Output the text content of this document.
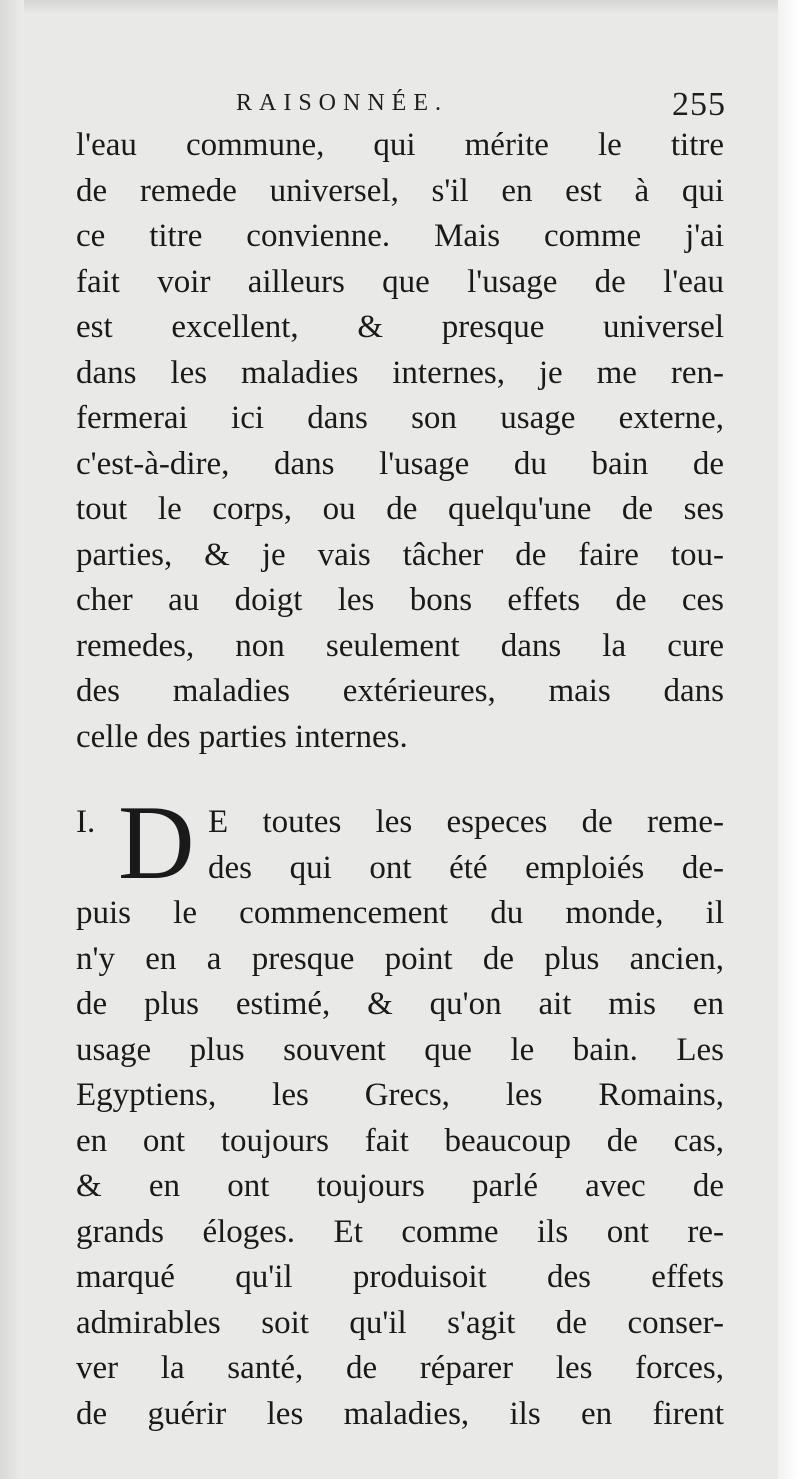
RAISONNÉE.	255
l'eau commune, qui mérite le titre
de remede universel, s'il en est à qui
ce titre convienne. Mais comme j'ai
fait voir ailleurs que l'usage de l'eau
est excellent, & presque universel
dans les maladies internes, je me ren-
fermerai ici dans son usage externe,
c'est-à-dire, dans l'usage du bain de
tout le corps, ou de quelqu'une de ses
parties, & je vais tâcher de faire tou-
cher au doigt les bons effets de ces
remedes, non seulement dans la cure
des maladies extérieures, mais dans
celle des parties internes.
I. D E toutes les especes de reme-
des qui ont été emploiés de-
puis le commencement du monde, il
n'y en a presque point de plus ancien,
de plus estimé, & qu'on ait mis en
usage plus souvent que le bain. Les
Egyptiens, les Grecs, les Romains,
en ont toujours fait beaucoup de cas,
& en ont toujours parlé avec de
grands éloges. Et comme ils ont re-
marqué qu'il produisoit des effets
admirables soit qu'il s'agit de conser-
ver la santé, de réparer les forces,
de guérir les maladies, ils en firent
